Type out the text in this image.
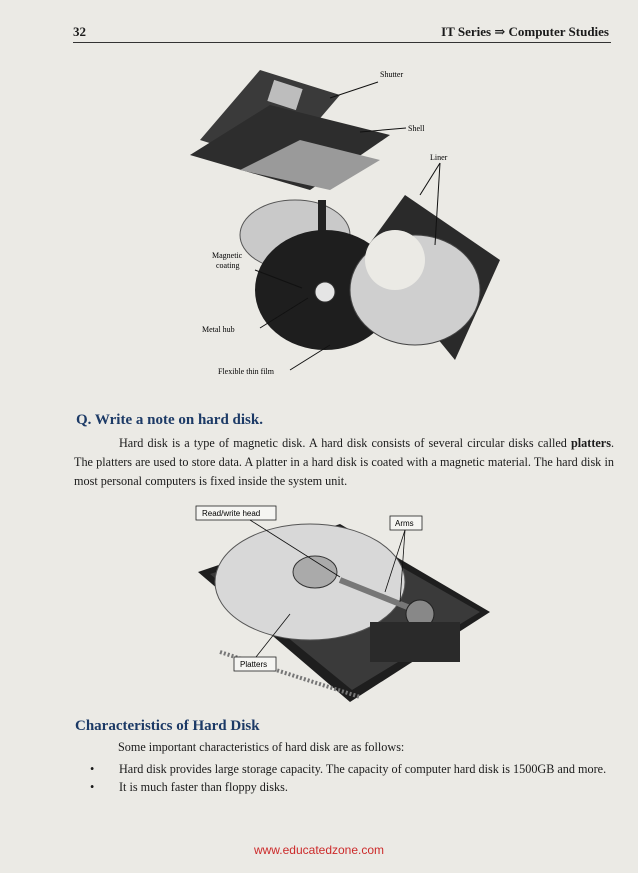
32	IT Series ⇒ Computer Studies
Shutter
Shell
Liner
Magnetic
coating
Metal hub
Flexible thin film
Q. Write a note on hard disk.

Hard disk is a type of magnetic disk. A hard disk consists of several circular disks called platters. The platters are used to store data. A platter in a hard disk is coated with a magnetic material. The hard disk in most personal computers is fixed inside the system unit.

Read/write head
Arms
Platters
Characteristics of Hard Disk
Some important characteristics of hard disk are as follows:
• Hard disk provides large storage capacity. The capacity of computer hard disk is 1500GB and more.
• It is much faster than floppy disks.
www.educatedzone.com
